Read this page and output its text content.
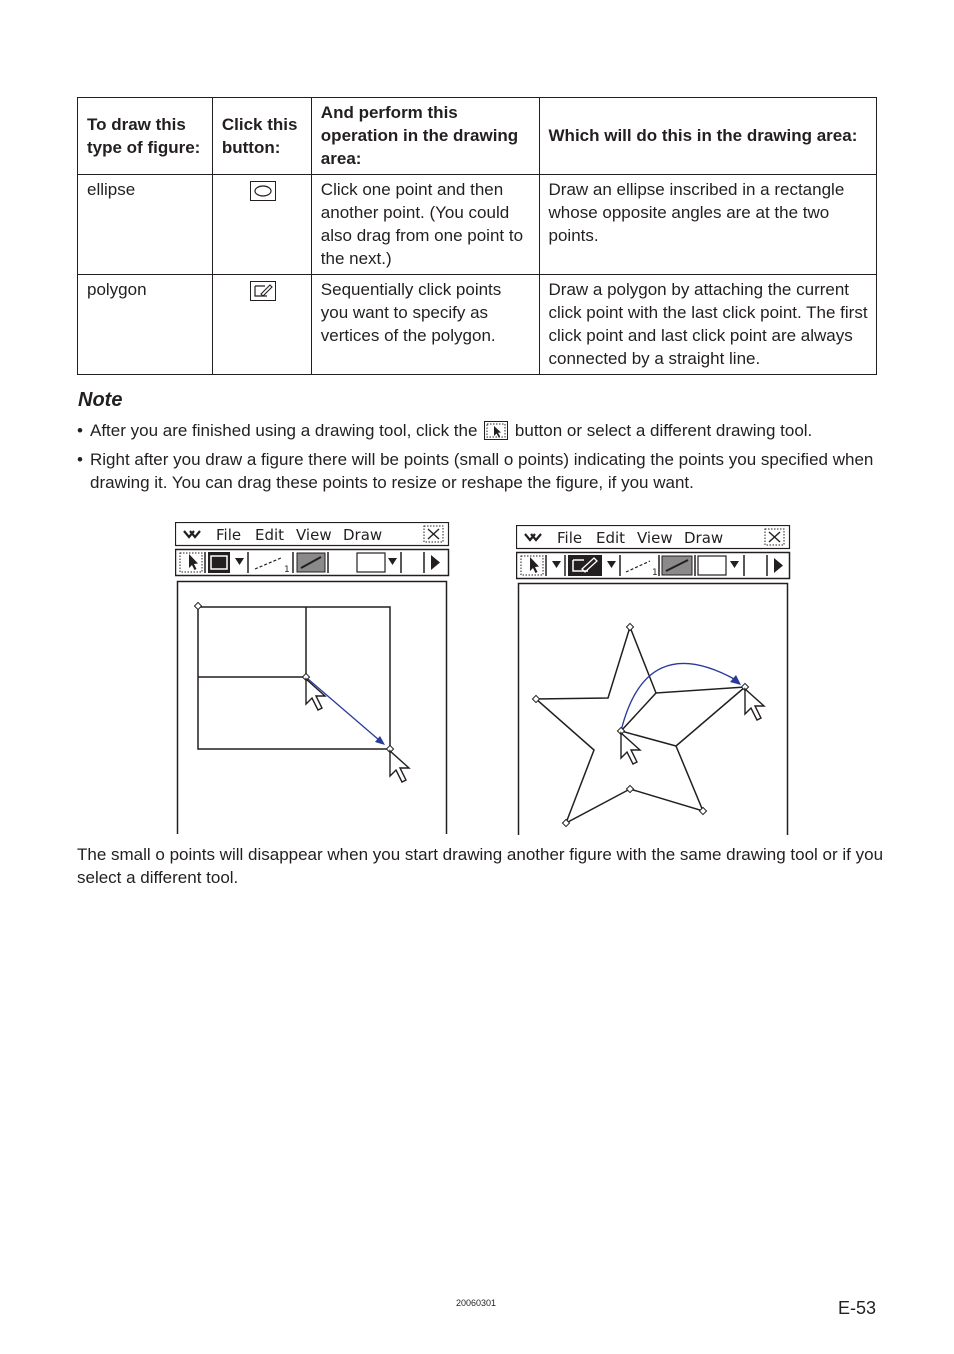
To draw this type of figure:	Click this button:	And perform this operation in the drawing area:	Which will do this in the drawing area:
ellipse		Click one point and then another point. (You could also drag from one point to the next.)	Draw an ellipse inscribed in a rectangle whose opposite angles are at the two points.
polygon		Sequentially click points you want to specify as vertices of the polygon.	Draw a polygon by attaching the current click point with the last click point. The first click point and last click point are always connected by a straight line.
Note
• After you are finished using a drawing tool, click the button or select a different drawing tool.
• Right after you draw a figure there will be points (small o points) indicating the points you specified when drawing it. You can drag these points to resize or reshape the figure, if you want.
File Edit View Draw
1
File Edit View Draw
1
The small o points will disappear when you start drawing another figure with the same drawing tool or if you select a different tool.
20060301	E-53
